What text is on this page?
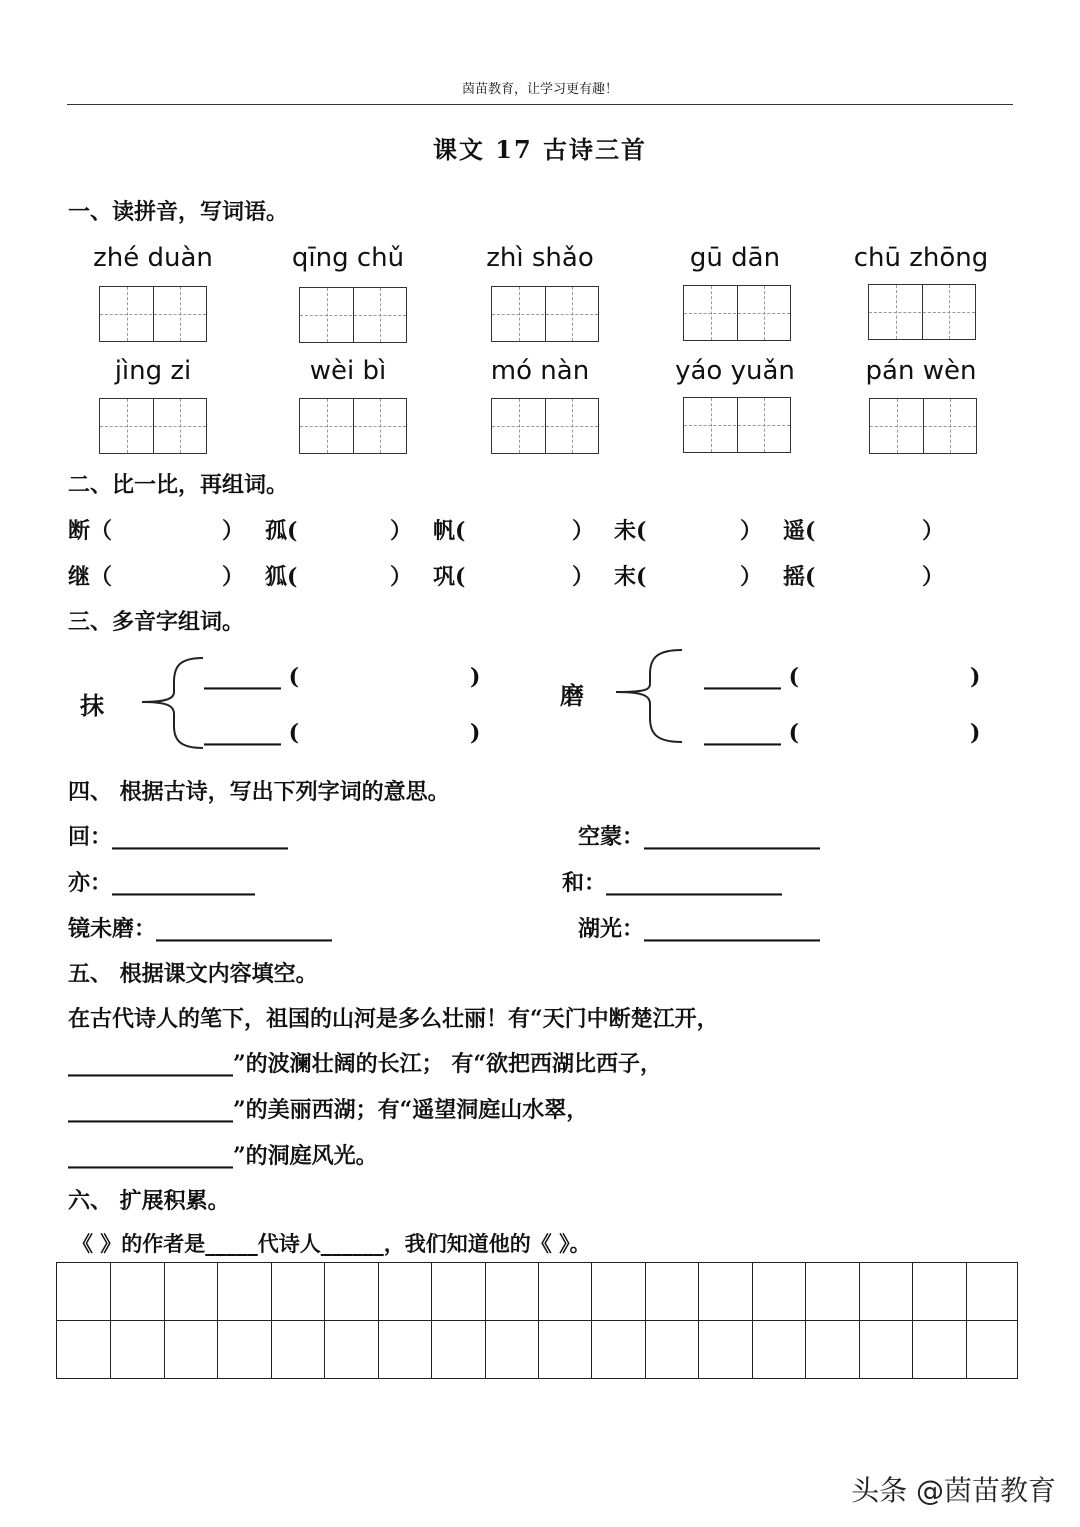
茵苗教育，让学习更有趣！
课文 17 古诗三首
一、读拼音，写词语。
zhé duàn	qīng chǔ	zhì shǎo	gū dān	chū zhōng
jìng zi	wèi bì	mó nàn	yáo yuǎn	pán wèn
二、比一比，再组词。
断（	） 孤(	） 帆(	） 未(	） 遥(	）
继（	） 狐(	） 巩(	） 末(	） 摇(	）
三、多音字组词。
抹
_______ (	)
_______ (	)
磨
_______ (	)
_______ (	)
四、 根据古诗，写出下列字词的意思。
回：________________	空蒙：________________
亦：_____________	和：________________
镜未磨：________________	湖光：________________
五、 根据课文内容填空。
在古代诗人的笔下，祖国的山河是多么壮丽！有“天门中断楚江开，
_______________”的波澜壮阔的长江； 有“欲把西湖比西子，
_______________”的美丽西湖；有“遥望洞庭山水翠，
_______________”的洞庭风光。
六、 扩展积累。
《 》的作者是_____代诗人______，我们知道他的《 》。
头条 @茵苗教育
